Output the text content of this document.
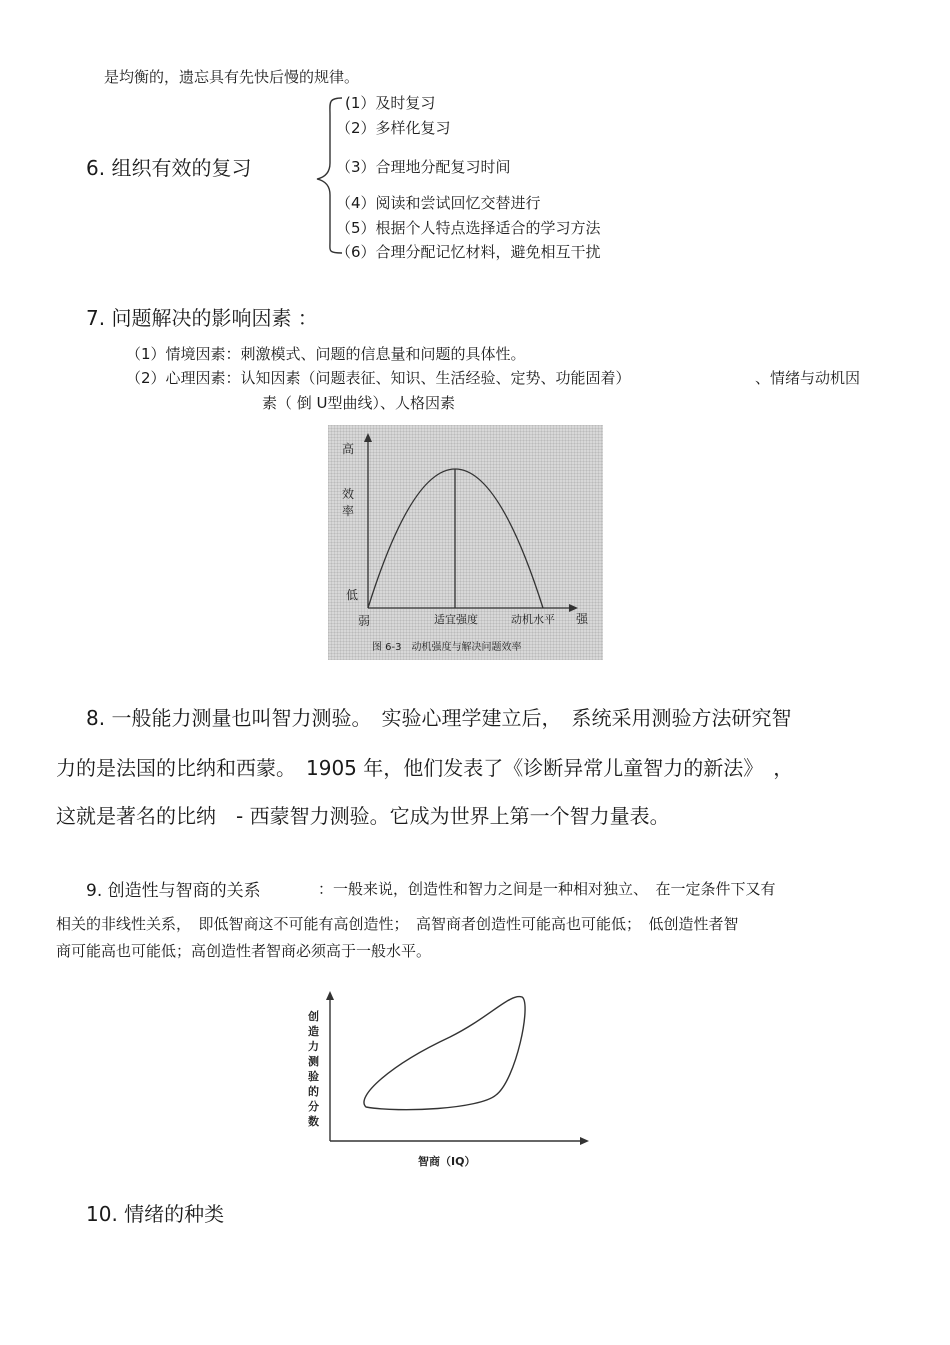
是均衡的，遗忘具有先快后慢的规律。
6. 组织有效的复习
(1）及时复习
（2）多样化复习
（3）合理地分配复习时间
（4）阅读和尝试回忆交替进行
（5）根据个人特点选择适合的学习方法
（6）合理分配记忆材料，避免相互干扰
7. 问题解决的影响因素 ：
（1）情境因素：刺激模式、问题的信息量和问题的具体性。
（2）心理因素：认知因素（问题表征、知识、生活经验、定势、功能固着）	、情绪与动机因
素（ 倒 U型曲线）、人格因素
高
效
率
低
弱	适宜强度	动机水平 强
图 6-3　动机强度与解决问题效率
8. 一般能力测量也叫智力测验。　实验心理学建立后，　系统采用测验方法研究智
力的是法国的比纳和西蒙。　1905 年，他们发表了《诊断异常儿童智力的新法》　，
这就是著名的比纳　- 西蒙智力测验。它成为世界上第一个智力量表。
9. 创造性与智商的关系	：一般来说，创造性和智力之间是一种相对独立、　在一定条件下又有
相关的非线性关系，　即低智商这不可能有高创造性；　高智商者创造性可能高也可能低；　低创造性者智
商可能高也可能低；高创造性者智商必须高于一般水平。
创
造
力
测
验
的
分
数
智商（IQ）
10. 情绪的种类
